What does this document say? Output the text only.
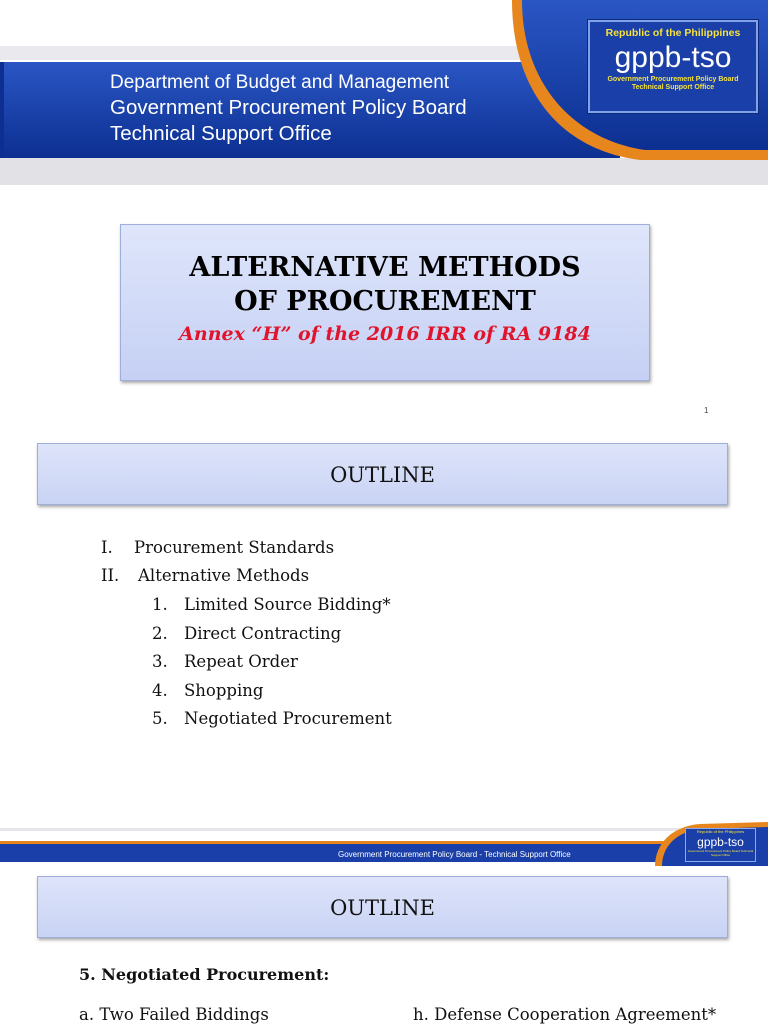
Department of Budget and Management
Government Procurement Policy Board
Technical Support Office
Republic of the Philippines
gppb-tso
Government Procurement Policy Board
Technical Support Office
ALTERNATIVE METHODS
OF PROCUREMENT
Annex “H” of the 2016 IRR of RA 9184
1
OUTLINE
I. Procurement Standards
II. Alternative Methods
1. Limited Source Bidding*
2. Direct Contracting
3. Repeat Order
4. Shopping
5. Negotiated Procurement
Government Procurement Policy Board - Technical Support Office
Republic of the Philippines
gppb-tso
Government Procurement Policy Board Technical Support Office
OUTLINE
5. Negotiated Procurement:
a. Two Failed Biddings	h. Defense Cooperation Agreement*
